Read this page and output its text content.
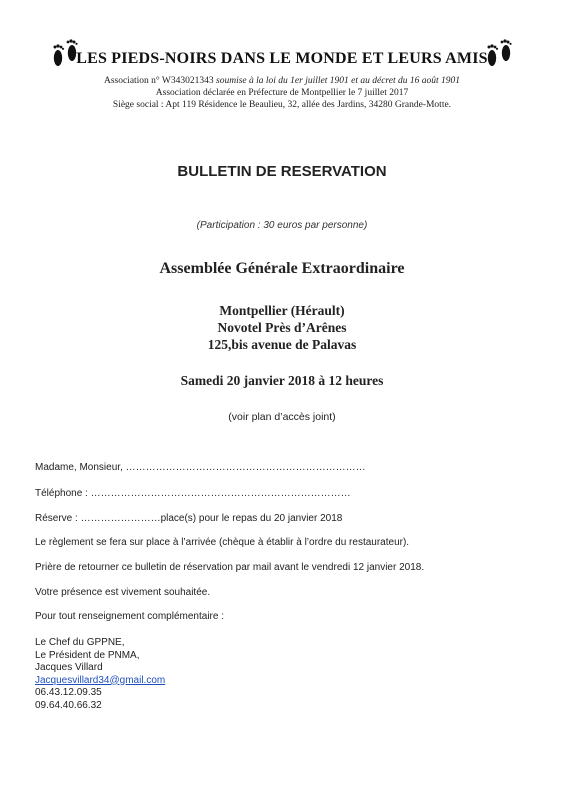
LES PIEDS-NOIRS DANS LE MONDE ET LEURS AMIS
Association n° W343021343 soumise à la loi du 1er juillet 1901 et au décret du 16 août 1901
Association déclarée en Préfecture de Montpellier le 7 juillet 2017
Siège social : Apt 119 Résidence le Beaulieu, 32, allée des Jardins, 34280 Grande-Motte.
BULLETIN DE RESERVATION
(Participation : 30 euros par personne)
Assemblée Générale Extraordinaire
Montpellier (Hérault)
Novotel Près d’Arênes
125,bis avenue de Palavas
Samedi 20 janvier 2018 à 12 heures
(voir plan d’accès joint)
Madame, Monsieur, ………………………………………………………………
Téléphone : ……………………………………………………………………
Réserve : ……………………place(s) pour le repas du 20 janvier 2018
Le règlement se fera sur place à l’arrivée (chèque à établir à l’ordre du restaurateur).
Prière de retourner ce bulletin de réservation par mail avant le vendredi 12 janvier 2018.
Votre présence est vivement souhaitée.
Pour tout renseignement complémentaire :
Le Chef du GPPNE,
Le Président de PNMA,
Jacques Villard
Jacquesvillard34@gmail.com
06.43.12.09.35
09.64.40.66.32
